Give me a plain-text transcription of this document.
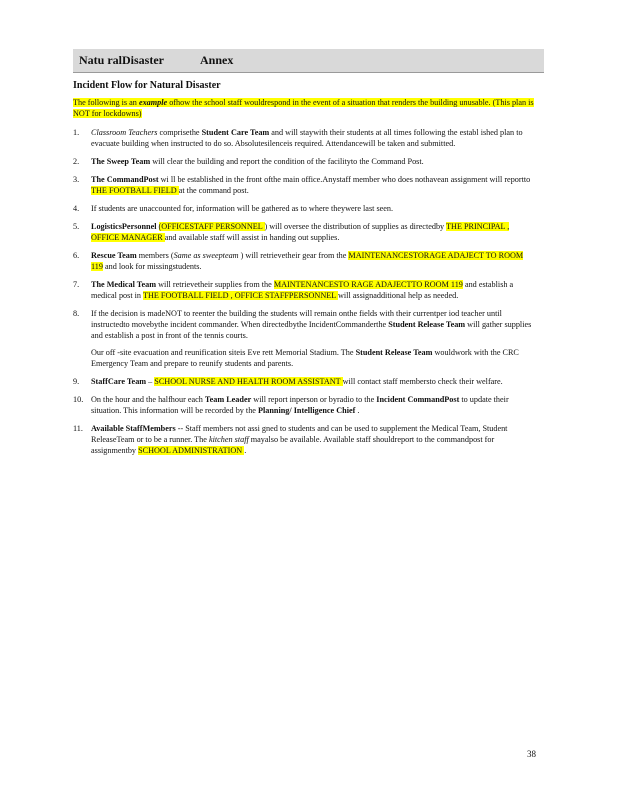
Natu ralDisaster	Annex
Incident Flow for Natural Disaster
The following is an example ofhow the school staff wouldrespond in the event of a situation that renders the building unusable. (This plan is NOT for lockdowns)
1. Classroom Teachers comprisethe Student Care Team and will staywith their students at all times following the establ ished plan to evacuate building when instructed to do so. Absolutesilenceis required. Attendancewill be taken and submitted.
2. The Sweep Team will clear the building and report the condition of the facilityto the Command Post.
3. The CommandPost wi ll be established in the front ofthe main office.Anystaff member who does nothavean assignment will reportto THE FOOTBALL FIELD at the command post.
4. If students are unaccounted for, information will be gathered as to where theywere last seen.
5. LogisticsPersonnel (OFFICESTAFF PERSONNEL ) will oversee the distribution of supplies as directedby THE PRINCIPAL , OFFICE MANAGER and available staff will assist in handing out supplies.
6. Rescue Team members (Same as sweepteam ) will retrievetheir gear from the MAINTENANCESTORAGE ADAJECT TO ROOM 119 and look for missingstudents.
7. The Medical Team will retrievetheir supplies from the MAINTENANCESTO RAGE ADAJECTTO ROOM 119 and establish a medical post in THE FOOTBALL FIELD , OFFICE STAFFPERSONNEL will assignadditional help as needed.
8. If the decision is madeNOT to reenter the building the students will remain onthe fields with their currentper iod teacher until instructedto movebythe incident commander. When directedbythe IncidentCommanderthe Student Release Team will gather supplies and establish a post in front of the tennis courts.

Our off -site evacuation and reunification siteis Eve rett Memorial Stadium. The Student Release Team wouldwork with the CRC Emergency Team and prepare to reunify students and parents.

9. StaffCare Team – SCHOOL NURSE AND HEALTH ROOM ASSISTANT will contact staff membersto check their welfare.
10. On the hour and the halfhour each Team Leader will report inperson or byradio to the Incident CommandPost to update their situation. This information will be recorded by the Planning/ Intelligence Chief .
11. Available StaffMembers -- Staff members not assi gned to students and can be used to supplement the Medical Team, Student ReleaseTeam or to be a runner. The kitchen staff mayalso be available. Available staff shouldreport to the commandpost for assignmentby SCHOOL ADMINISTRATION .
38
